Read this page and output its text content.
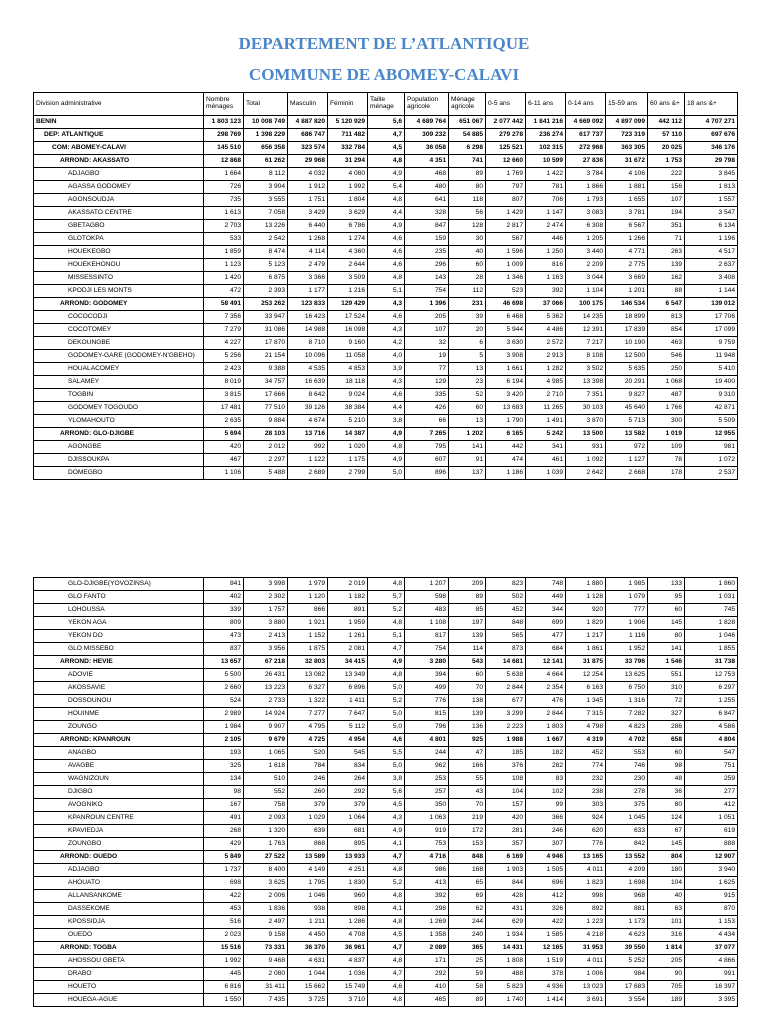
DEPARTEMENT DE L’ATLANTIQUE
COMMUNE DE ABOMEY-CALAVI
Division administrative	Nombre ménages	Total	Masculin	Féminin	Taille ménage	Population agricole	Ménage agricole	0-5 ans	6-11 ans	0-14 ans	15-59 ans	60 ans &+	18 ans &+
BENIN	1 803 123	10 008 749	4 887 820	5 120 929	5,6	4 689 764	651 067	2 077 442	1 841 216	4 669 092	4 897 099	442 112	4 707 271
DEP: ATLANTIQUE	298 769	1 398 229	686 747	711 482	4,7	309 232	54 885	279 278	236 274	617 737	723 319	57 110	697 676
COM: ABOMEY-CALAVI	145 510	656 358	323 574	332 784	4,5	36 058	6 298	125 521	102 315	272 968	363 305	20 025	346 176
ARROND: AKASSATO	12 868	61 262	29 968	31 294	4,8	4 351	741	12 660	10 599	27 836	31 672	1 753	29 798
ADJAGBO	1 664	8 112	4 032	4 080	4,9	468	89	1 769	1 422	3 784	4 106	222	3 845
AGASSA GODOMEY	726	3 904	1 912	1 992	5,4	480	80	797	781	1 866	1 881	156	1 813
AGONSOUDJA	735	3 555	1 751	1 804	4,8	641	118	807	706	1 793	1 655	107	1 557
AKASSATO CENTRE	1 613	7 058	3 429	3 629	4,4	328	56	1 429	1 147	3 083	3 781	194	3 547
GBETAGBO	2 703	13 226	6 440	6 786	4,9	847	128	2 817	2 474	6 308	6 567	351	6 134
GLOTOKPA	533	2 542	1 268	1 274	4,6	159	30	567	446	1 205	1 266	71	1 196
HOUEKEGBO	1 859	8 474	4 114	4 360	4,6	235	40	1 596	1 250	3 440	4 771	263	4 517
HOUEKEHONOU	1 123	5 123	2 479	2 644	4,6	296	60	1 009	816	2 209	2 775	139	2 637
MISSESSINTO	1 420	6 875	3 366	3 509	4,8	143	28	1 346	1 163	3 044	3 669	162	3 408
KPODJI LES MONTS	472	2 393	1 177	1 216	5,1	754	112	523	392	1 104	1 201	88	1 144
ARROND: GODOMEY	58 491	253 262	123 833	129 429	4,3	1 396	231	46 698	37 066	100 175	146 534	6 547	139 012
COCOCODJI	7 356	33 947	16 423	17 524	4,6	205	39	6 468	5 362	14 235	18 899	813	17 706
COCOTOMEY	7 279	31 086	14 988	16 098	4,3	107	20	5 944	4 486	12 391	17 839	854	17 099
DEKOUNGBE	4 227	17 870	8 710	9 160	4,2	32	6	3 630	2 572	7 217	10 190	463	9 759
GODOMEY-GARE (GODOMEY-N'GBEHO)	5 256	21 154	10 096	11 058	4,0	19	5	3 908	2 913	8 108	12 500	546	11 948
HOUALACOMEY	2 423	9 388	4 535	4 853	3,9	77	13	1 661	1 282	3 502	5 635	250	5 410
SALAMEY	8 019	34 757	16 639	18 118	4,3	129	23	6 194	4 985	13 398	20 291	1 068	19 400
TOGBIN	3 815	17 666	8 642	9 024	4,6	335	52	3 420	2 710	7 351	9 827	487	9 310
GODOMEY TOGOUDO	17 481	77 510	39 126	38 384	4,4	426	60	13 683	11 265	30 103	45 640	1 766	42 871
YLOMAHOUTO	2 635	9 884	4 674	5 210	3,8	66	13	1 790	1 491	3 870	5 713	300	5 509
ARROND: GLO-DJIGBE	5 694	28 103	13 716	14 387	4,9	7 265	1 202	6 165	5 242	13 500	13 582	1 019	12 955
AGONGBE	420	2 012	992	1 020	4,8	795	141	442	341	931	972	109	981
DJISSOUKPA	467	2 297	1 122	1 175	4,9	607	91	474	461	1 092	1 127	78	1 072
DOMEGBO	1 106	5 488	2 689	2 799	5,0	896	137	1 186	1 039	2 642	2 668	178	2 537
GLO-DJIGBE(YOVOZINSA)	841	3 998	1 979	2 019	4,8	1 207	209	823	748	1 880	1 985	133	1 860
GLO FANTO	402	2 302	1 120	1 182	5,7	598	89	502	449	1 128	1 079	95	1 031
LOHOUSSA	339	1 757	866	891	5,2	483	85	452	344	920	777	60	745
YEKON AGA	809	3 880	1 921	1 959	4,8	1 108	197	848	699	1 829	1 906	145	1 828
YEKON DO	473	2 413	1 152	1 261	5,1	817	139	565	477	1 217	1 116	80	1 046
GLO MISSEBO	837	3 956	1 875	2 081	4,7	754	114	873	684	1 861	1 952	141	1 855
ARROND: HEVIE	13 657	67 218	32 803	34 415	4,9	3 280	543	14 681	12 141	31 875	33 796	1 546	31 738
ADOVIE	5 500	26 431	13 082	13 349	4,8	394	60	5 638	4 664	12 254	13 625	551	12 753
AKOSSAVIE	2 660	13 223	6 327	6 896	5,0	499	70	2 844	2 354	6 163	6 750	310	6 297
DOSSOUNOU	524	2 733	1 322	1 411	5,2	776	138	677	476	1 345	1 316	72	1 255
HOUINME	2 989	14 924	7 277	7 647	5,0	815	139	3 299	2 844	7 315	7 282	327	6 847
ZOUNGO	1 984	9 907	4 795	5 112	5,0	796	136	2 223	1 803	4 798	4 823	286	4 586
ARROND: KPANROUN	2 105	9 679	4 725	4 954	4,6	4 801	925	1 988	1 667	4 319	4 702	658	4 804
ANAGBO	193	1 065	520	545	5,5	244	47	185	182	452	553	60	547
AVAGBE	325	1 618	784	834	5,0	962	166	376	282	774	746	98	751
WAGNIZOUN	134	510	246	264	3,8	253	55	108	83	232	230	48	259
DJIGBO	98	552	260	292	5,6	257	43	104	102	238	278	36	277
AVOGNIKO	167	758	379	379	4,5	350	70	157	99	303	375	80	412
KPANROUN CENTRE	491	2 093	1 029	1 064	4,3	1 063	219	420	366	924	1 045	124	1 051
KPAVIEDJA	268	1 320	639	681	4,9	919	172	281	246	620	633	67	619
ZOUNGBO	429	1 763	868	895	4,1	753	153	357	307	776	842	145	888
ARROND: OUEDO	5 849	27 522	13 589	13 933	4,7	4 716	848	6 169	4 946	13 165	13 552	804	12 907
ADJAGBO	1 737	8 400	4 149	4 251	4,8	986	168	1 903	1 505	4 011	4 209	180	3 940
AHOUATO	698	3 625	1 795	1 830	5,2	413	65	844	696	1 823	1 698	104	1 625
ALLANSANKOME	422	2 006	1 046	960	4,8	392	69	428	412	998	968	40	915
DASSEKOME	453	1 836	938	898	4,1	298	62	431	326	892	881	63	870
KPOSSIDJA	516	2 497	1 211	1 286	4,8	1 269	244	629	422	1 223	1 173	101	1 153
OUEDO	2 023	9 158	4 450	4 708	4,5	1 358	240	1 934	1 585	4 218	4 623	316	4 434
ARROND: TOGBA	15 516	73 331	36 370	36 961	4,7	2 089	365	14 431	12 165	31 953	39 550	1 814	37 077
AHOSSOU GBETA	1 992	9 468	4 631	4 837	4,8	171	25	1 808	1 519	4 011	5 252	205	4 866
DRABO	445	2 080	1 044	1 036	4,7	292	59	488	378	1 006	984	90	991
HOUETO	6 816	31 411	15 662	15 749	4,6	410	58	5 823	4 936	13 023	17 683	705	16 397
HOUEGA-AGUE	1 550	7 435	3 725	3 710	4,8	465	89	1 740	1 414	3 691	3 554	189	3 395
